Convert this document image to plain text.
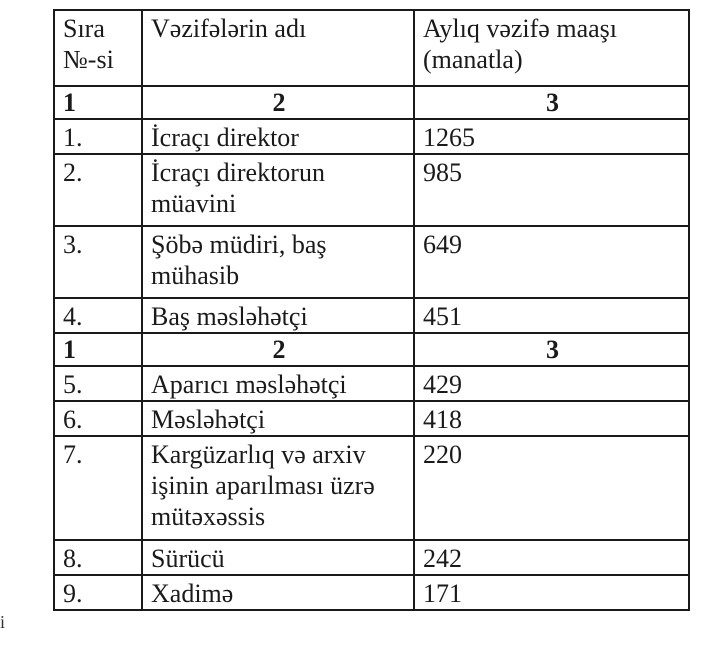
i
Sıra №-si	Vəzifələrin adı	Aylıq vəzifə maaşı (manatla)
1	2	3
1.	İcraçı direktor	1265
2.	İcraçı direktorun müavini	985
3.	Şöbə müdiri, baş mühasib	649
4.	Baş məsləhətçi	451
1	2	3
5.	Aparıcı məsləhətçi	429
6.	Məsləhətçi	418
7.	Kargüzarlıq və arxiv işinin aparılması üzrə mütəxəssis	220
8.	Sürücü	242
9.	Xadimə	171
